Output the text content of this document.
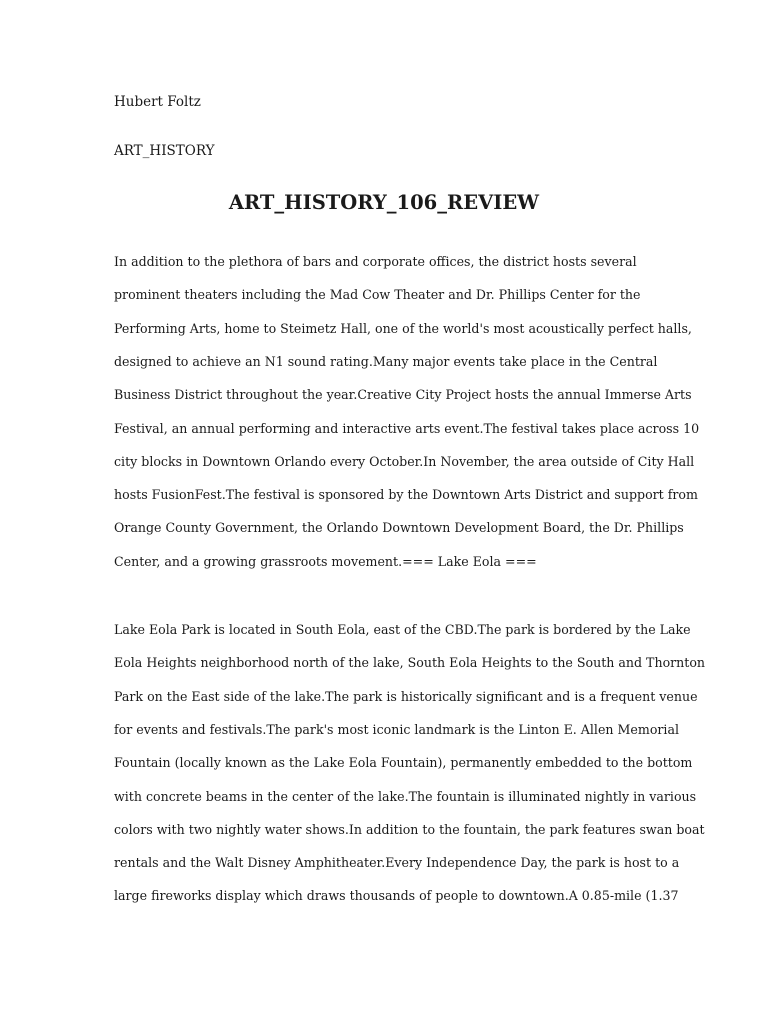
Hubert Foltz
ART_HISTORY
ART_HISTORY_106_REVIEW
In addition to the plethora of bars and corporate offices, the district hosts several
prominent theaters including the Mad Cow Theater and Dr. Phillips Center for the
Performing Arts, home to Steimetz Hall, one of the world's most acoustically perfect halls,
designed to achieve an N1 sound rating.Many major events take place in the Central
Business District throughout the year.Creative City Project hosts the annual Immerse Arts
Festival, an annual performing and interactive arts event.The festival takes place across 10
city blocks in Downtown Orlando every October.In November, the area outside of City Hall
hosts FusionFest.The festival is sponsored by the Downtown Arts District and support from
Orange County Government, the Orlando Downtown Development Board, the Dr. Phillips
Center, and a growing grassroots movement.=== Lake Eola ===
Lake Eola Park is located in South Eola, east of the CBD.The park is bordered by the Lake
Eola Heights neighborhood north of the lake, South Eola Heights to the South and Thornton
Park on the East side of the lake.The park is historically significant and is a frequent venue
for events and festivals.The park's most iconic landmark is the Linton E. Allen Memorial
Fountain (locally known as the Lake Eola Fountain), permanently embedded to the bottom
with concrete beams in the center of the lake.The fountain is illuminated nightly in various
colors with two nightly water shows.In addition to the fountain, the park features swan boat
rentals and the Walt Disney Amphitheater.Every Independence Day, the park is host to a
large fireworks display which draws thousands of people to downtown.A 0.85-mile (1.37
